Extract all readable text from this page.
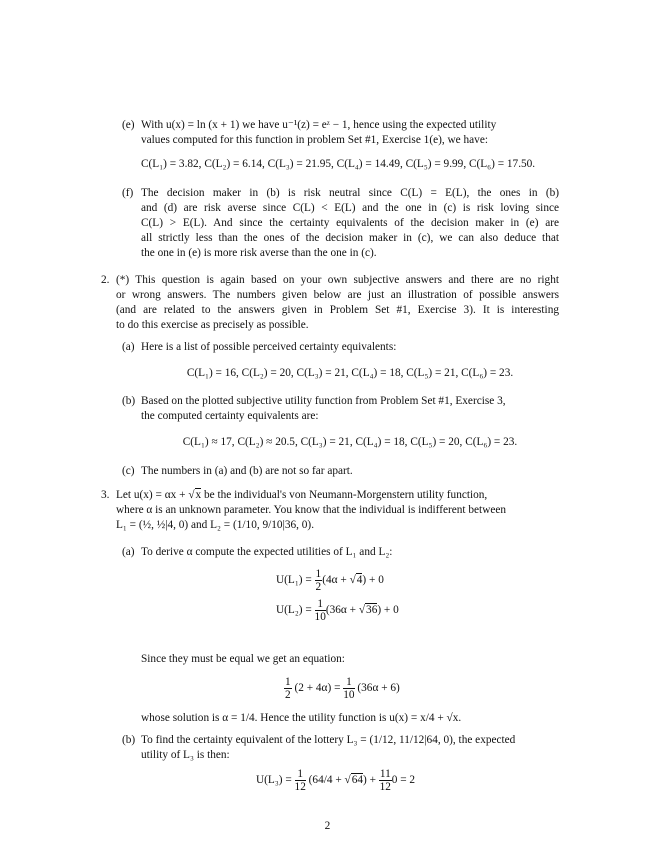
(e) With u(x) = ln (x + 1) we have u⁻¹(z) = eᶻ − 1, hence using the expected utility
values computed for this function in problem Set #1, Exercise 1(e), we have:
C(L₁) = 3.82, C(L₂) = 6.14, C(L₃) = 21.95, C(L₄) = 14.49, C(L₅) = 9.99, C(L₆) = 17.50.
(f) The decision maker in (b) is risk neutral since C(L) = E(L), the ones in (b)
and (d) are risk averse since C(L) < E(L) and the one in (c) is risk loving since
C(L) > E(L). And since the certainty equivalents of the decision maker in (e) are
all strictly less than the ones of the decision maker in (c), we can also deduce that
the one in (e) is more risk averse than the one in (c).
2. (*) This question is again based on your own subjective answers and there are no right
or wrong answers. The numbers given below are just an illustration of possible answers
(and are related to the answers given in Problem Set #1, Exercise 3). It is interesting
to do this exercise as precisely as possible.
(a) Here is a list of possible perceived certainty equivalents:
C(L₁) = 16, C(L₂) = 20, C(L₃) = 21, C(L₄) = 18, C(L₅) = 21, C(L₆) = 23.
(b) Based on the plotted subjective utility function from Problem Set #1, Exercise 3,
the computed certainty equivalents are:
C(L₁) ≈ 17, C(L₂) ≈ 20.5, C(L₃) = 21, C(L₄) = 18, C(L₅) = 20, C(L₆) = 23.
(c) The numbers in (a) and (b) are not so far apart.
3. Let u(x) = αx + √x be the individual's von Neumann-Morgenstern utility function,
where α is an unknown parameter. You know that the individual is indifferent between
L₁ = (½, ½|4, 0) and L₂ = (1/10, 9/10|36, 0).
(a) To derive α compute the expected utilities of L₁ and L₂:
$U(L_1) = \frac{1}{2} (4\alpha + √4) + 0$
$U(L_2) = \frac{1}{10} (36\alpha + √36) + 0$
Since they must be equal we get an equation:
$\frac{1}{2} (2 + 4\alpha) = \frac{1}{10} (36\alpha + 6)$
whose solution is α = 1/4. Hence the utility function is u(x) = x/4 + √x.
(b) To find the certainty equivalent of the lottery L₃ = (1/12, 11/12|64, 0), the expected
utility of L₃ is then:
$U(L_3) = \frac{1}{12} (64/4 + √64) + \frac{11}{12} 0 = 2$
2
